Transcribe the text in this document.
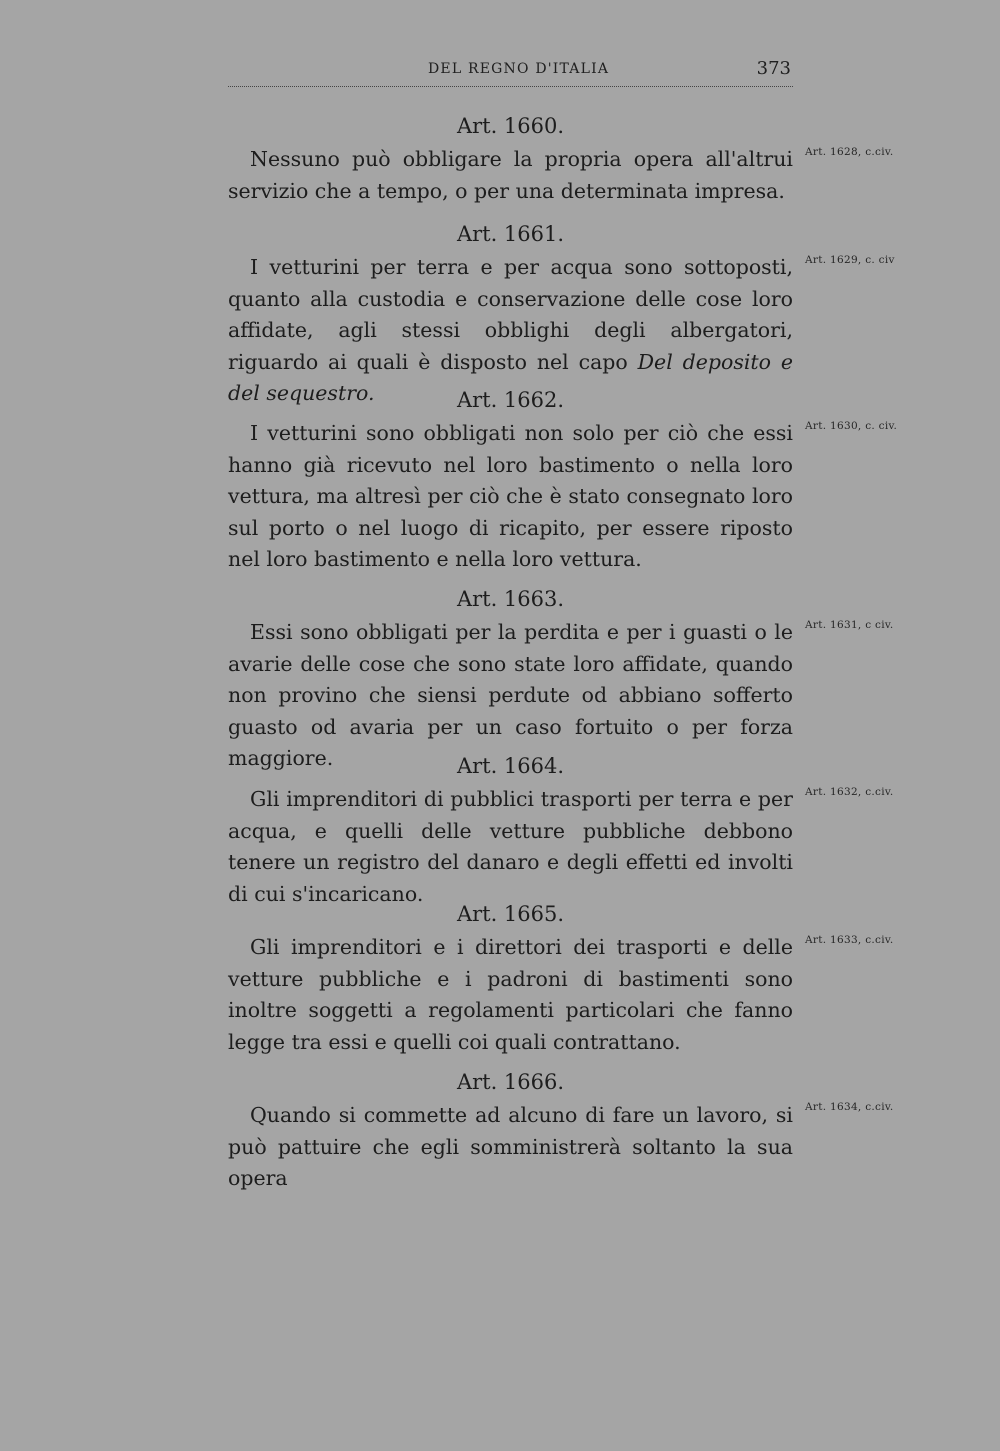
DEL REGNO D'ITALIA	373
Art. 1660.

Nessuno può obbligare la propria opera all'altrui servizio che a tempo, o per una determinata impresa.

Art. 1628, c.civ.
Art. 1661.

I vetturini per terra e per acqua sono sottoposti, quanto alla custodia e conservazione delle cose loro affidate, agli stessi obblighi degli albergatori, riguardo ai quali è disposto nel capo Del deposito e del sequestro.

Art. 1629, c. civ
Art. 1662.

I vetturini sono obbligati non solo per ciò che essi hanno già ricevuto nel loro bastimento o nella loro vettura, ma altresì per ciò che è stato consegnato loro sul porto o nel luogo di ricapito, per essere riposto nel loro bastimento e nella loro vettura.

Art. 1630, c. civ.
Art. 1663.

Essi sono obbligati per la perdita e per i guasti o le avarie delle cose che sono state loro affidate, quando non provino che siensi perdute od abbiano sofferto guasto od avaria per un caso fortuito o per forza maggiore.

Art. 1631, c civ.
Art. 1664.

Gli imprenditori di pubblici trasporti per terra e per acqua, e quelli delle vetture pubbliche debbono tenere un registro del danaro e degli effetti ed involti di cui s'incaricano.

Art. 1632, c.civ.
Art. 1665.

Gli imprenditori e i direttori dei trasporti e delle vetture pubbliche e i padroni di bastimenti sono inoltre soggetti a regolamenti particolari che fanno legge tra essi e quelli coi quali contrattano.

Art. 1633, c.civ.
Art. 1666.

Quando si commette ad alcuno di fare un lavoro, si può pattuire che egli somministrerà soltanto la sua opera

Art. 1634, c.civ.
